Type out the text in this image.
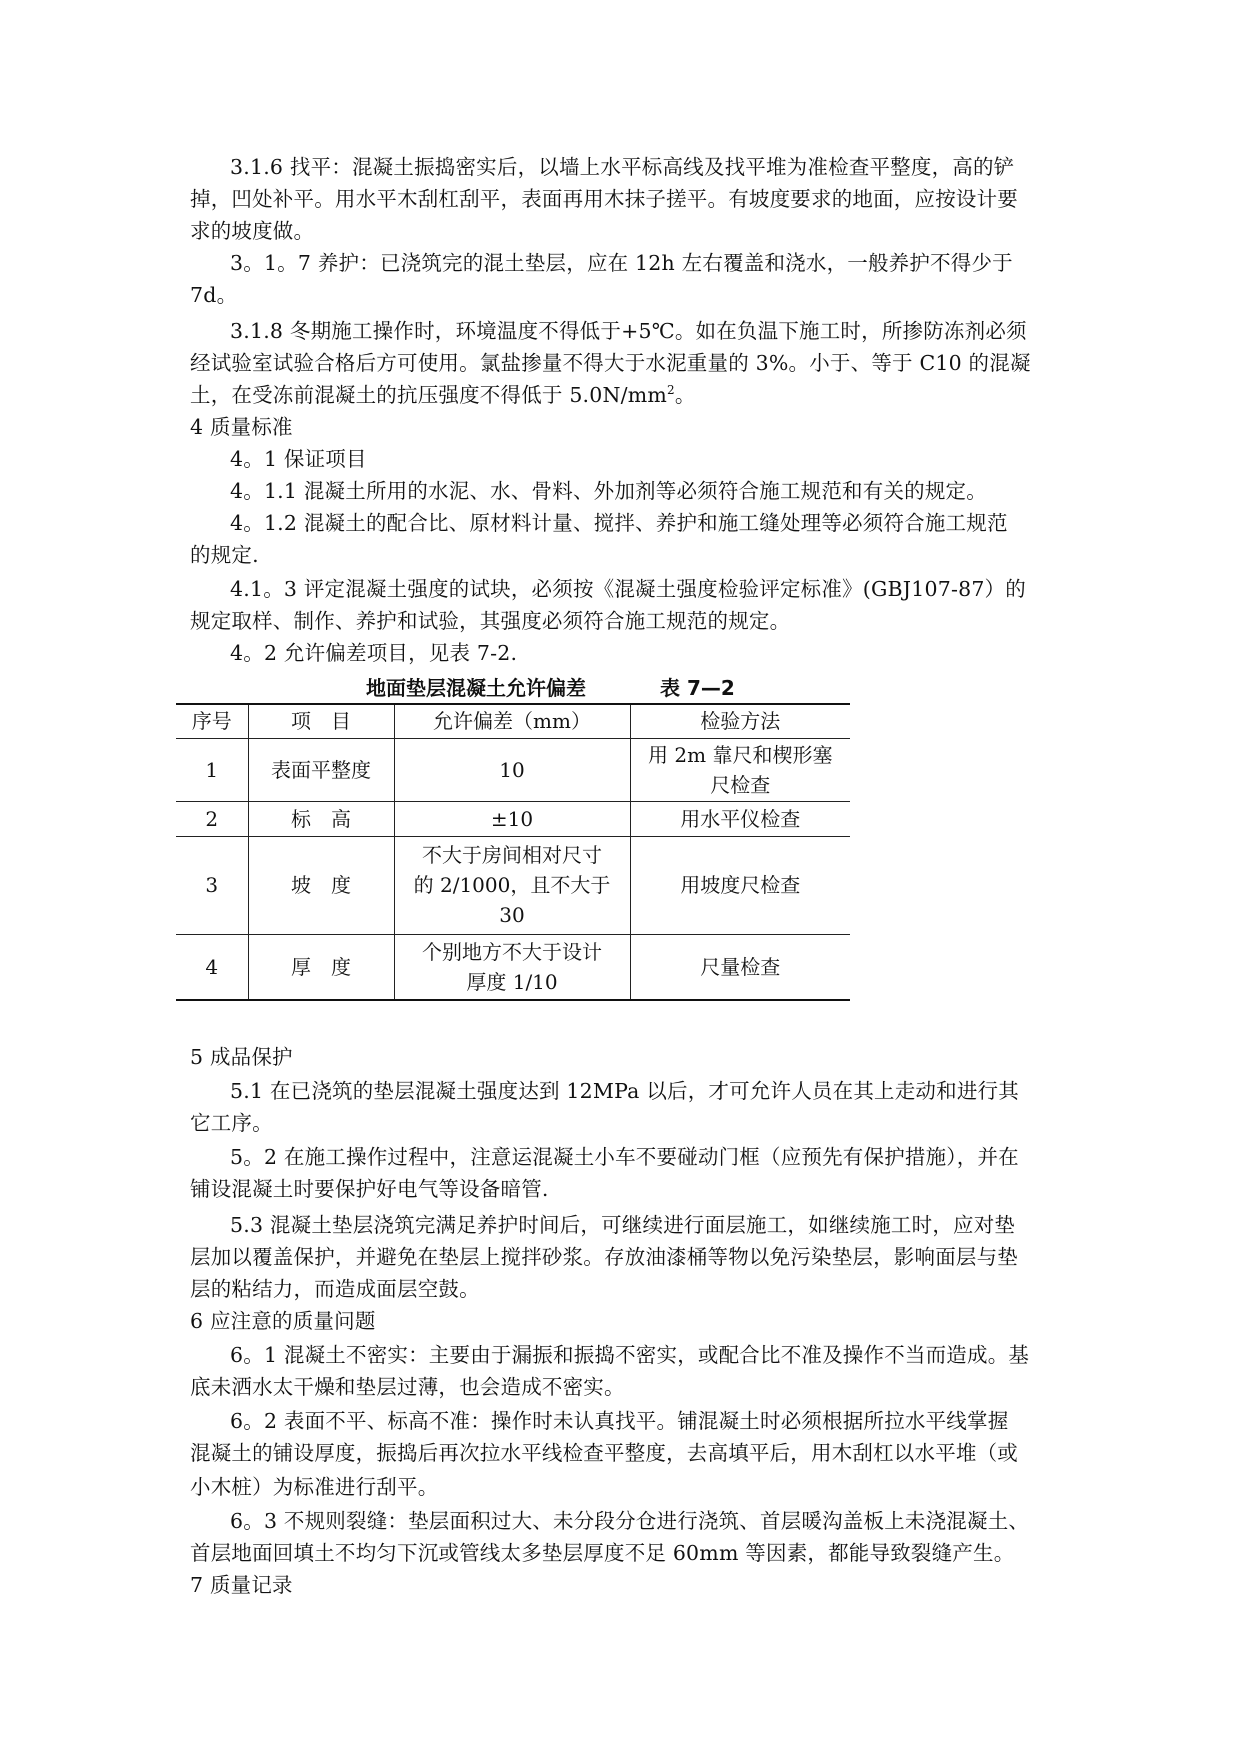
3.1.6 找平：混凝土振捣密实后，以墙上水平标高线及找平堆为准检查平整度，高的铲
掉，凹处补平。用水平木刮杠刮平，表面再用木抹子搓平。有坡度要求的地面，应按设计要
求的坡度做。
3。1。7 养护：已浇筑完的混土垫层，应在 12h 左右覆盖和浇水，一般养护不得少于
7d。
3.1.8 冬期施工操作时，环境温度不得低于+5℃。如在负温下施工时，所掺防冻剂必须
经试验室试验合格后方可使用。氯盐掺量不得大于水泥重量的 3%。小于、等于 C10 的混凝
土，在受冻前混凝土的抗压强度不得低于 $5.0N/mm^2$。
4 质量标准
4。1 保证项目
4。1.1 混凝土所用的水泥、水、骨料、外加剂等必须符合施工规范和有关的规定。
4。1.2 混凝土的配合比、原材料计量、搅拌、养护和施工缝处理等必须符合施工规范
的规定.
4.1。3 评定混凝土强度的试块，必须按《混凝土强度检验评定标准》(GBJ107-87）的
规定取样、制作、养护和试验，其强度必须符合施工规范的规定。
4。2 允许偏差项目，见表 7-2.
地面垫层混凝土允许偏差	表 7—2
序号	项　目	允许偏差（mm）	检验方法
1	表面平整度	10	用 2m 靠尺和楔形塞
尺检查
2	标　高	±10	用水平仪检查
3	坡　度	不大于房间相对尺寸
的 2/1000，且不大于
30	用坡度尺检查
4	厚　度	个别地方不大于设计
厚度 1/10	尺量检查
5 成品保护
5.1 在已浇筑的垫层混凝土强度达到 12MPa 以后，才可允许人员在其上走动和进行其
它工序。
5。2 在施工操作过程中，注意运混凝土小车不要碰动门框（应预先有保护措施），并在
铺设混凝土时要保护好电气等设备暗管.
5.3 混凝土垫层浇筑完满足养护时间后，可继续进行面层施工，如继续施工时，应对垫
层加以覆盖保护，并避免在垫层上搅拌砂浆。存放油漆桶等物以免污染垫层，影响面层与垫
层的粘结力，而造成面层空鼓。
6 应注意的质量问题
6。1 混凝土不密实：主要由于漏振和振捣不密实，或配合比不准及操作不当而造成。基
底未洒水太干燥和垫层过薄，也会造成不密实。
6。2 表面不平、标高不准：操作时未认真找平。铺混凝土时必须根据所拉水平线掌握
混凝土的铺设厚度，振捣后再次拉水平线检查平整度，去高填平后，用木刮杠以水平堆（或
小木桩）为标准进行刮平。
6。3 不规则裂缝：垫层面积过大、未分段分仓进行浇筑、首层暖沟盖板上未浇混凝土、
首层地面回填土不均匀下沉或管线太多垫层厚度不足 60mm 等因素，都能导致裂缝产生。
7 质量记录
